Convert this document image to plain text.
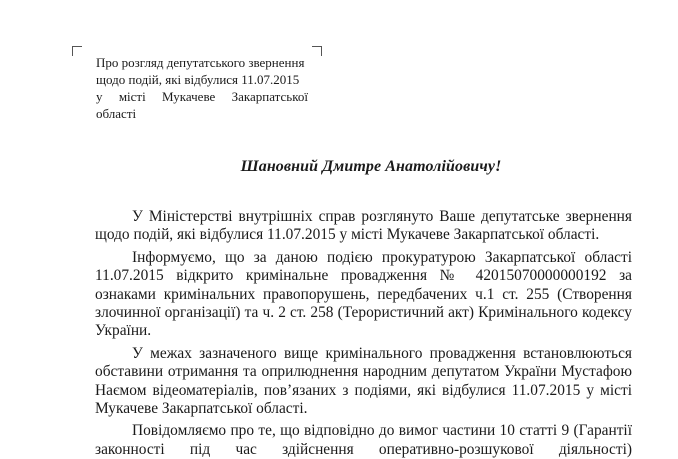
Про розгляд депутатського звернення
щодо подій, які відбулися 11.07.2015
у місті Мукачеве Закарпатської
області
Шановний Дмитре Анатолійовичу!

У Міністерстві внутрішніх справ розглянуто Ваше депутатське звернення щодо подій, які відбулися 11.07.2015 у місті Мукачеве Закарпатської області.

Інформуємо, що за даною подією прокуратурою Закарпатської області 11.07.2015 відкрито кримінальне провадження № 42015070000000192 за ознаками кримінальних правопорушень, передбачених ч.1 ст. 255 (Створення злочинної організації) та ч. 2 ст. 258 (Терористичний акт) Кримінального кодексу України.

У межах зазначеного вище кримінального провадження встановлюються обставини отримання та оприлюднення народним депутатом України Мустафою Наємом відеоматеріалів, пов’язаних з подіями, які відбулися 11.07.2015 у місті Мукачеве Закарпатської області.

Повідомляємо про те, що відповідно до вимог частини 10 статті 9 (Гарантії законності під час здійснення оперативно-розшукової діяльності)
